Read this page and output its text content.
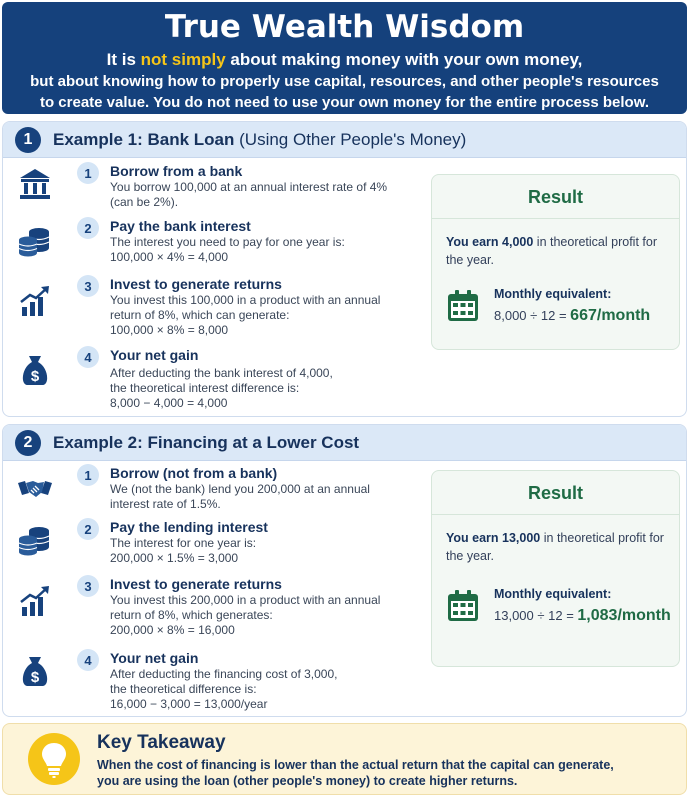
True Wealth Wisdom
It is not simply about making money with your own money,
but about knowing how to properly use capital, resources, and other people's resources
to create value. You do not need to use your own money for the entire process below.
1	Example 1: Bank Loan (Using Other People's Money)
1	Borrow from a bank
You borrow 100,000 at an annual interest rate of 4%
(can be 2%).
2	Pay the bank interest
The interest you need to pay for one year is:
100,000 × 4% = 4,000
3	Invest to generate returns
You invest this 100,000 in a product with an annual
return of 8%, which can generate:
100,000 × 8% = 8,000
4	Your net gain
After deducting the bank interest of 4,000,
the theoretical interest difference is:
8,000 − 4,000 = 4,000
Result
You earn 4,000 in theoretical profit for the year.
Monthly equivalent:
8,000 ÷ 12 = 667/month
2	Example 2: Financing at a Lower Cost
1	Borrow (not from a bank)
We (not the bank) lend you 200,000 at an annual
interest rate of 1.5%.
2	Pay the lending interest
The interest for one year is:
200,000 × 1.5% = 3,000
3	Invest to generate returns
You invest this 200,000 in a product with an annual
return of 8%, which generates:
200,000 × 8% = 16,000
4	Your net gain
After deducting the financing cost of 3,000,
the theoretical difference is:
16,000 − 3,000 = 13,000/year
Result
You earn 13,000 in theoretical profit for the year.
Monthly equivalent:
13,000 ÷ 12 = 1,083/month
Key Takeaway
When the cost of financing is lower than the actual return that the capital can generate,
you are using the loan (other people's money) to create higher returns.
